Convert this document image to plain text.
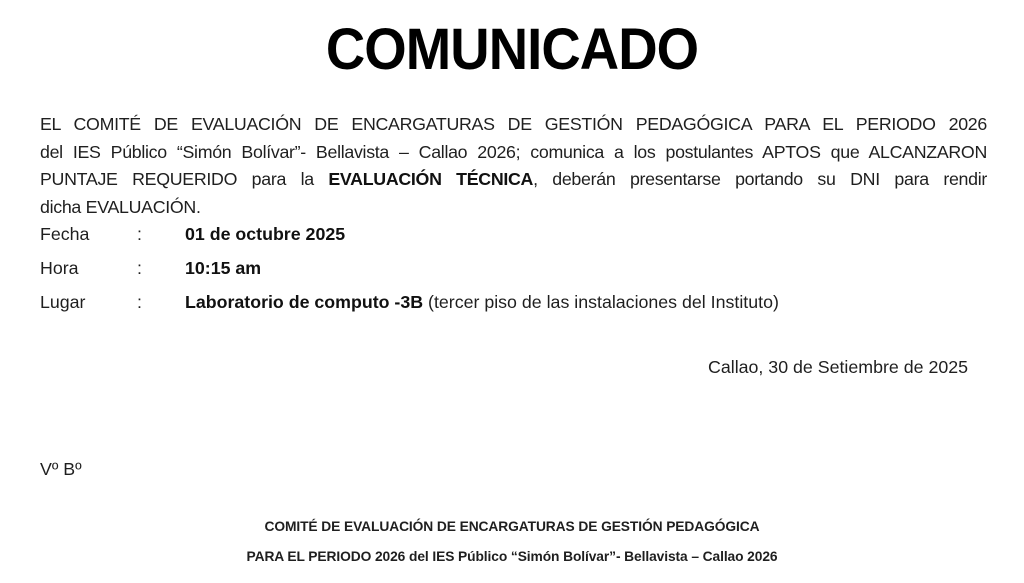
COMUNICADO
EL COMITÉ DE EVALUACIÓN DE ENCARGATURAS DE GESTIÓN PEDAGÓGICA PARA EL PERIODO 2026
del IES Público “Simón Bolívar”- Bellavista – Callao 2026; comunica a los postulantes APTOS que ALCANZARON
PUNTAJE REQUERIDO para la EVALUACIÓN TÉCNICA, deberán presentarse portando su DNI para rendir
dicha EVALUACIÓN.
Fecha	:	01 de octubre 2025
Hora	:	10:15 am
Lugar	:	Laboratorio de computo -3B (tercer piso de las instalaciones del Instituto)
Callao, 30 de Setiembre de 2025
Vº Bº
COMITÉ DE EVALUACIÓN DE ENCARGATURAS DE GESTIÓN PEDAGÓGICA
PARA EL PERIODO 2026 del IES Público “Simón Bolívar”- Bellavista – Callao 2026
